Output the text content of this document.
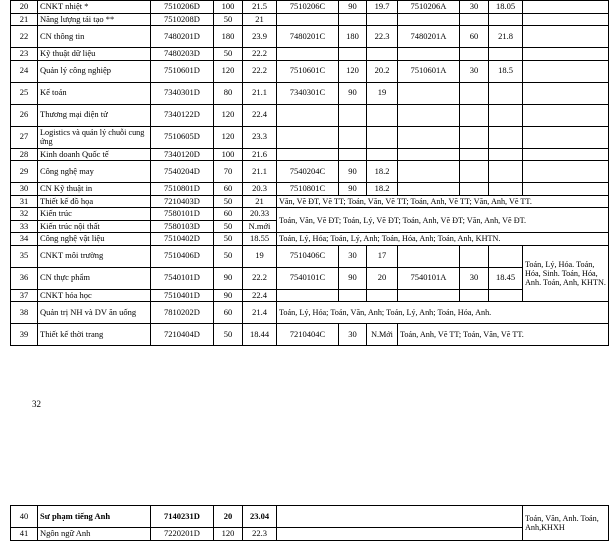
20	CNKT nhiệt *	7510206D	100	21.5	7510206C	90	19.7	7510206A	30	18.05	
21	Năng lượng tái tạo **	7510208D	50	21							
22	CN thông tin	7480201D	180	23.9	7480201C	180	22.3	7480201A	60	21.8	
23	Kỹ thuật dữ liệu	7480203D	50	22.2							
24	Quản lý công nghiệp	7510601D	120	22.2	7510601C	120	20.2	7510601A	30	18.5	
25	Kế toán	7340301D	80	21.1	7340301C	90	19				
26	Thương mại điện tử	7340122D	120	22.4							
27	Logistics và quản lý chuỗi cung ứng	7510605D	120	23.3							
28	Kinh doanh Quốc tế	7340120D	100	21.6							
29	Công nghệ may	7540204D	70	21.1	7540204C	90	18.2				
30	CN Kỹ thuật in	7510801D	60	20.3	7510801C	90	18.2				
31	Thiết kế đồ họa	7210403D	50	21	Văn, Vẽ ĐT, Vẽ TT; Toán, Văn, Vẽ TT; Toán, Anh, Vẽ TT; Văn, Anh, Vẽ TT.						
32	Kiến trúc	7580101D	60	20.33	Toán, Văn, Vẽ ĐT; Toán, Lý, Vẽ ĐT; Toán, Anh, Vẽ ĐT; Văn, Anh, Vẽ ĐT.						
33	Kiến trúc nội thất	7580103D	50	N.mới							
34	Công nghệ vật liệu	7510402D	50	18.55	Toán, Lý, Hóa; Toán, Lý, Anh; Toán, Hóa, Anh; Toán, Anh, KHTN.						
35	CNKT môi trường	7510406D	50	19	7510406C	30	17				Toán, Lý, Hóa. Toán, Hóa, Sinh. Toán, Hóa, Anh. Toán, Anh, KHTN.
36	CN thực phẩm	7540101D	90	22.2	7540101C	90	20	7540101A	30	18.45	
37	CNKT hóa học	7510401D	90	22.4							
38	Quản trị NH và DV ăn uống	7810202D	60	21.4	Toán, Lý, Hóa; Toán, Văn, Anh; Toán, Lý, Anh; Toán, Hóa, Anh.						
39	Thiết kế thời trang	7210404D	50	18.44	7210404C	30	N.Mới	Toán, Anh, Vẽ TT; Toán, Văn, Vẽ TT.			
32
40	Sư phạm tiếng Anh	7140231D	20	23.04		Toán, Văn, Anh. Toán, Anh,KHXH
41	Ngôn ngữ Anh	7220201D	120	22.3		
